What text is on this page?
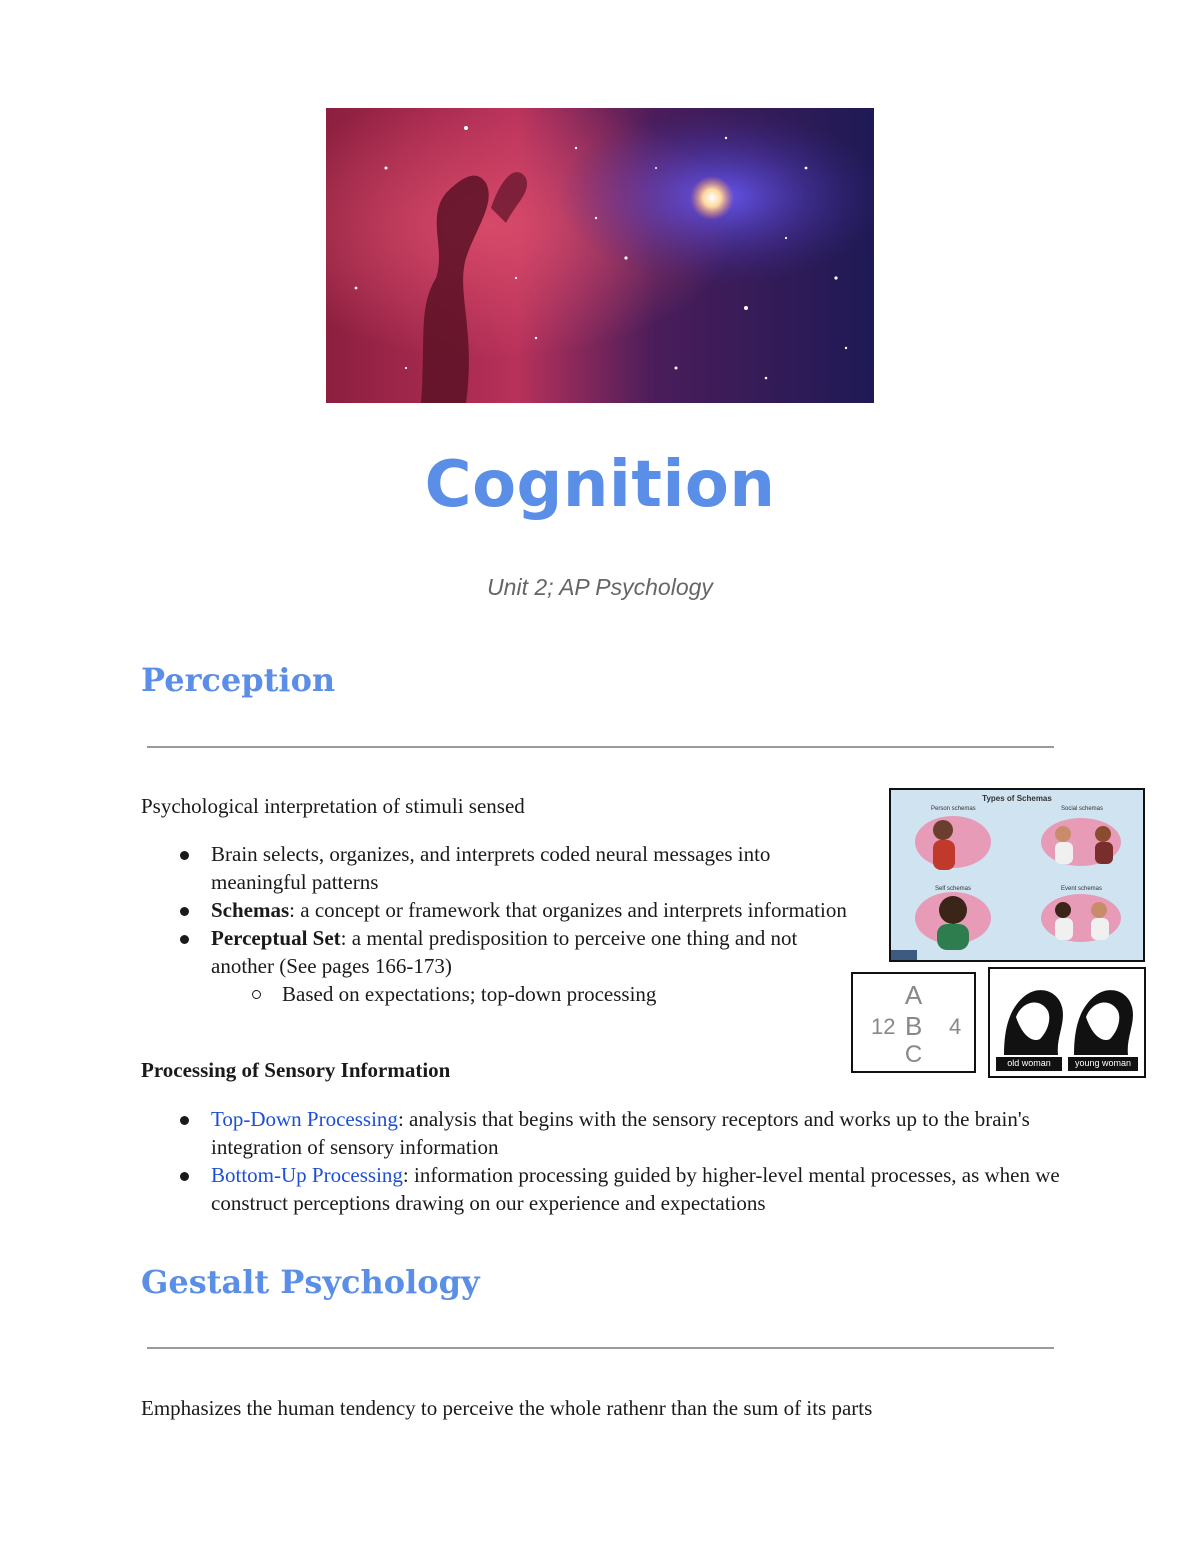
Cognition
Unit 2; AP Psychology
Perception
Psychological interpretation of stimuli sensed
Brain selects, organizes, and interprets coded neural messages into meaningful patterns
Schemas: a concept or framework that organizes and interprets information
Perceptual Set: a mental predisposition to perceive one thing and not another (See pages 166-173)
Based on expectations; top-down processing
Processing of Sensory Information
Top-Down Processing: analysis that begins with the sensory receptors and works up to the brain's integration of sensory information
Bottom-Up Processing: information processing guided by higher-level mental processes, as when we construct perceptions drawing on our experience and expectations
Gestalt Psychology
Emphasizes the human tendency to perceive the whole rathenr than the sum of its parts
Types of Schemas
Person schemas	Social schemas
Self schemas	Event schemas
A
12 B 4
C	old woman	young woman
